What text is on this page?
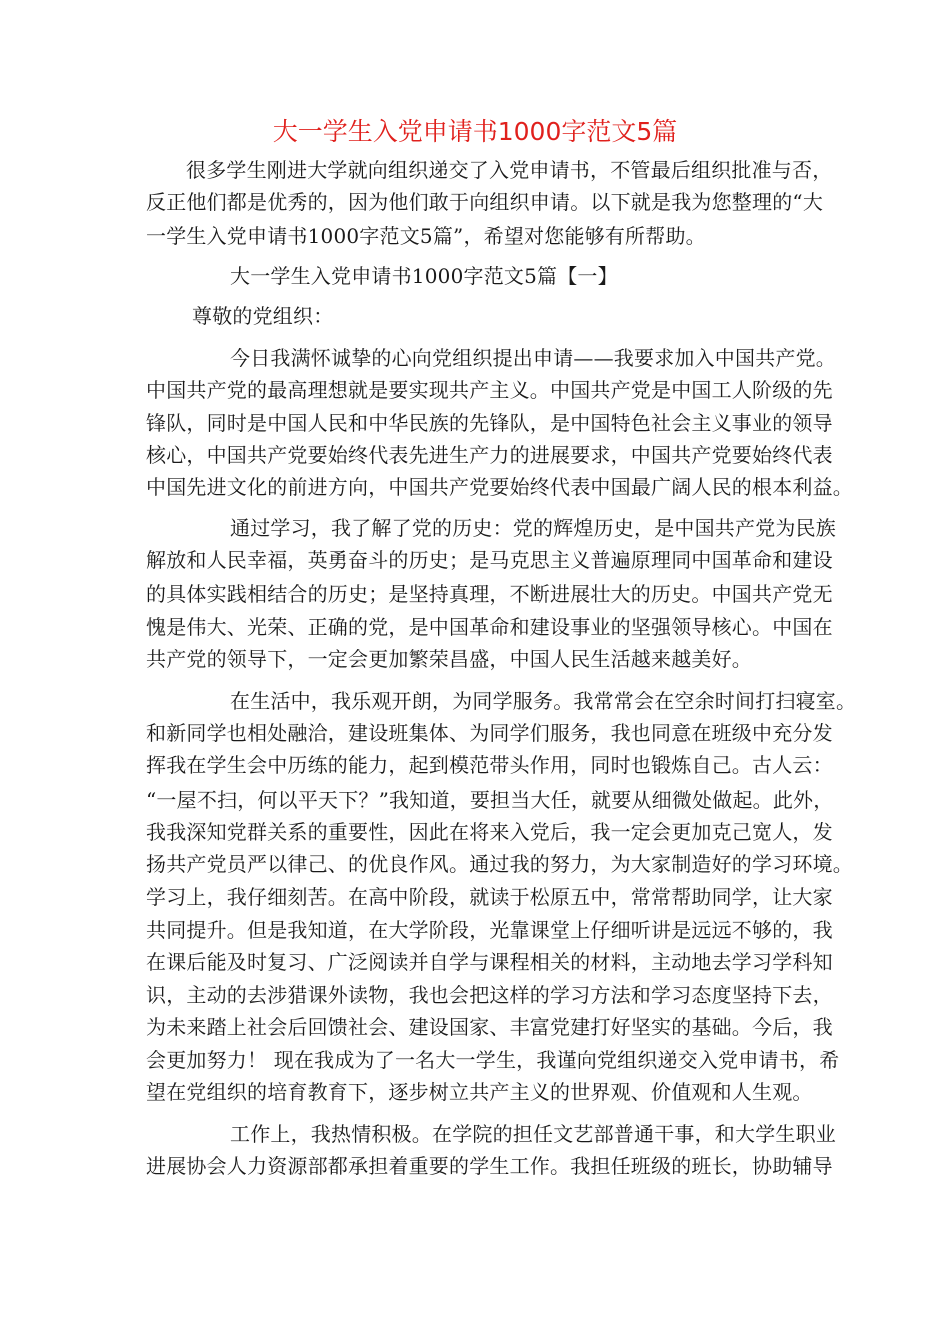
大一学生入党申请书1000字范文5篇
很多学生刚进大学就向组织递交了入党申请书，不管最后组织批准与否，
反正他们都是优秀的，因为他们敢于向组织申请。以下就是我为您整理的“大
一学生入党申请书1000字范文5篇”，希望对您能够有所帮助。
大一学生入党申请书1000字范文5篇【一】
尊敬的党组织：
今日我满怀诚挚的心向党组织提出申请——我要求加入中国共产党。
中国共产党的最高理想就是要实现共产主义。中国共产党是中国工人阶级的先
锋队，同时是中国人民和中华民族的先锋队，是中国特色社会主义事业的领导
核心，中国共产党要始终代表先进生产力的进展要求，中国共产党要始终代表
中国先进文化的前进方向，中国共产党要始终代表中国最广阔人民的根本利益。
通过学习，我了解了党的历史：党的辉煌历史，是中国共产党为民族
解放和人民幸福，英勇奋斗的历史；是马克思主义普遍原理同中国革命和建设
的具体实践相结合的历史；是坚持真理，不断进展壮大的历史。中国共产党无
愧是伟大、光荣、正确的党，是中国革命和建设事业的坚强领导核心。中国在
共产党的领导下，一定会更加繁荣昌盛，中国人民生活越来越美好。
在生活中，我乐观开朗，为同学服务。我常常会在空余时间打扫寝室。
和新同学也相处融洽，建设班集体、为同学们服务，我也同意在班级中充分发
挥我在学生会中历练的能力，起到模范带头作用，同时也锻炼自己。古人云：
“一屋不扫，何以平天下？”我知道，要担当大任，就要从细微处做起。此外，
我我深知党群关系的重要性，因此在将来入党后，我一定会更加克己宽人，发
扬共产党员严以律己、的优良作风。通过我的努力，为大家制造好的学习环境。
学习上，我仔细刻苦。在高中阶段，就读于松原五中，常常帮助同学，让大家
共同提升。但是我知道，在大学阶段，光靠课堂上仔细听讲是远远不够的，我
在课后能及时复习、广泛阅读并自学与课程相关的材料，主动地去学习学科知
识，主动的去涉猎课外读物，我也会把这样的学习方法和学习态度坚持下去，
为未来踏上社会后回馈社会、建设国家、丰富党建打好坚实的基础。今后，我
会更加努力！ 现在我成为了一名大一学生，我谨向党组织递交入党申请书，希
望在党组织的培育教育下，逐步树立共产主义的世界观、价值观和人生观。
工作上，我热情积极。在学院的担任文艺部普通干事，和大学生职业
进展协会人力资源部都承担着重要的学生工作。我担任班级的班长，协助辅导
